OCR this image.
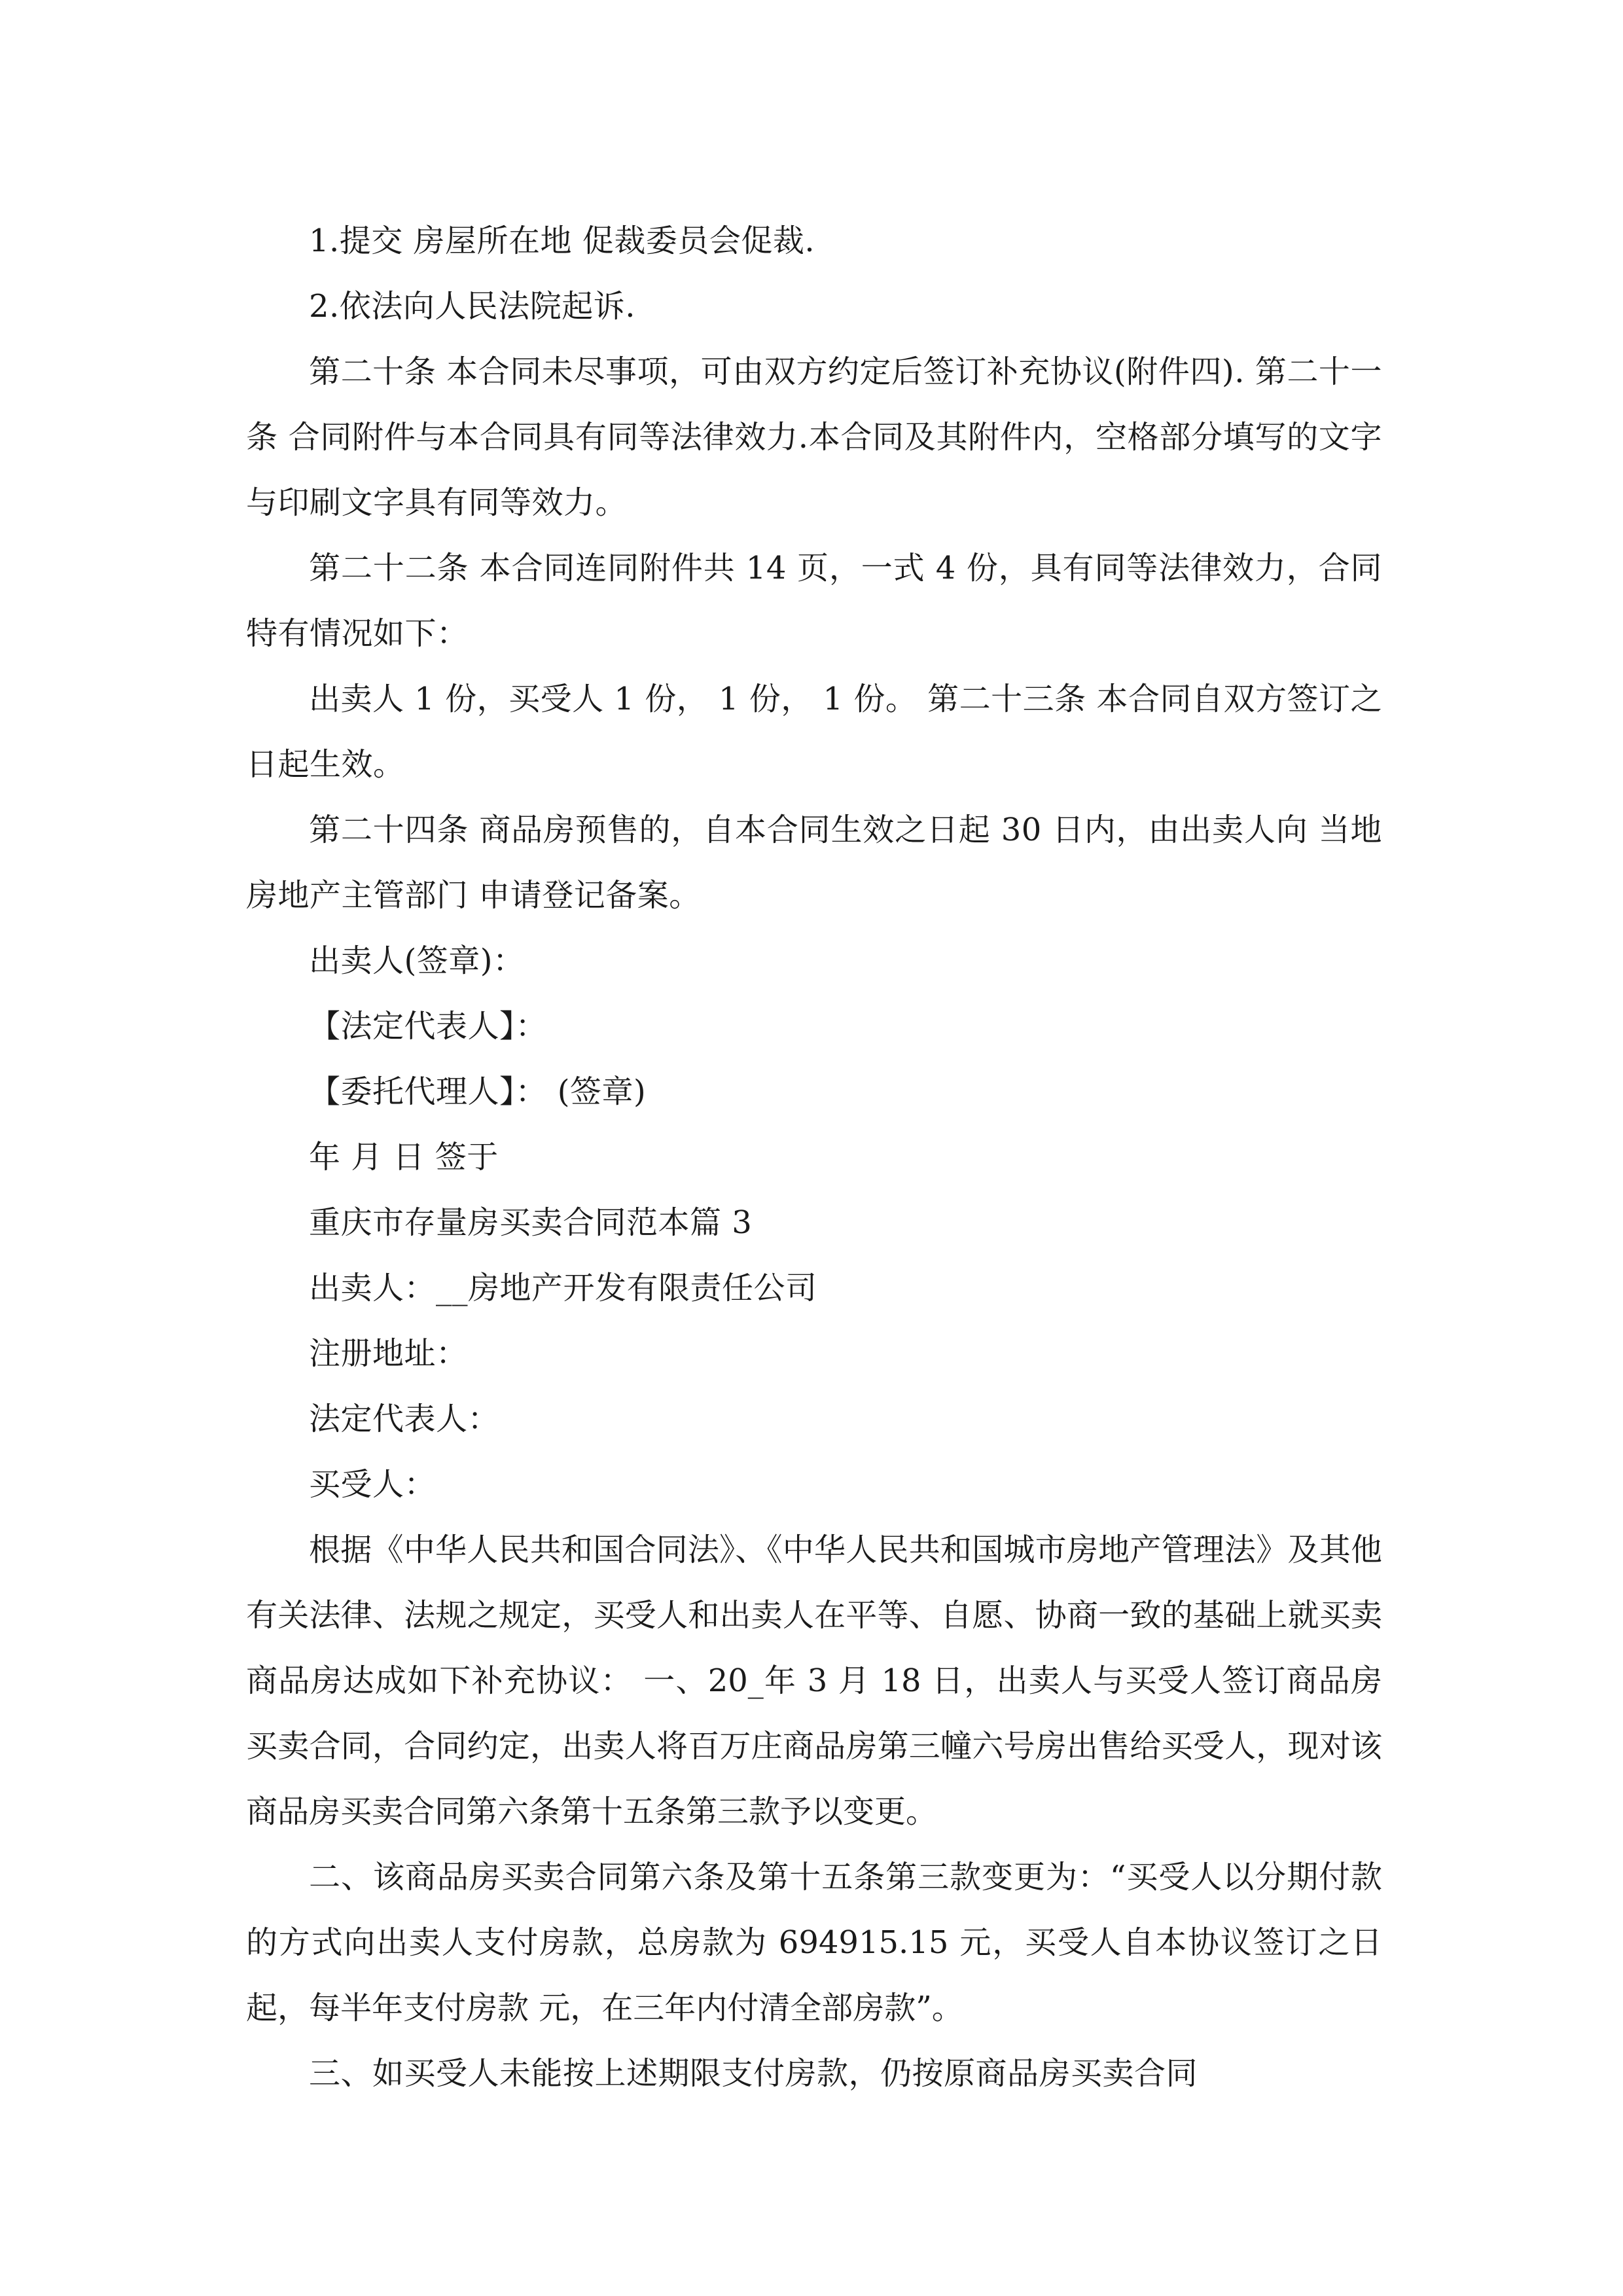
1.提交 房屋所在地 促裁委员会促裁.

2.依法向人民法院起诉.

第二十条 本合同未尽事项，可由双方约定后签订补充协议(附件四). 第二十一条 合同附件与本合同具有同等法律效力.本合同及其附件内，空格部分填写的文字与印刷文字具有同等效力。

第二十二条 本合同连同附件共 14 页，一式 4 份，具有同等法律效力，合同特有情况如下：

出卖人 1 份，买受人 1 份， 1 份， 1 份。 第二十三条 本合同自双方签订之日起生效。

第二十四条 商品房预售的，自本合同生效之日起 30 日内，由出卖人向 当地房地产主管部门 申请登记备案。

出卖人(签章)：

【法定代表人】：

【委托代理人】： (签章)

年 月 日 签于

重庆市存量房买卖合同范本篇 3

出卖人：__房地产开发有限责任公司

注册地址：

法定代表人：

买受人：

根据《中华人民共和国合同法》、《中华人民共和国城市房地产管理法》及其他有关法律、法规之规定，买受人和出卖人在平等、自愿、协商一致的基础上就买卖商品房达成如下补充协议： 一、20_年 3 月 18 日，出卖人与买受人签订商品房买卖合同，合同约定，出卖人将百万庄商品房第三幢六号房出售给买受人，现对该商品房买卖合同第六条第十五条第三款予以变更。

二、该商品房买卖合同第六条及第十五条第三款变更为：“买受人以分期付款的方式向出卖人支付房款，总房款为 694915.15 元，买受人自本协议签订之日起，每半年支付房款 元，在三年内付清全部房款”。

三、如买受人未能按上述期限支付房款，仍按原商品房买卖合同
